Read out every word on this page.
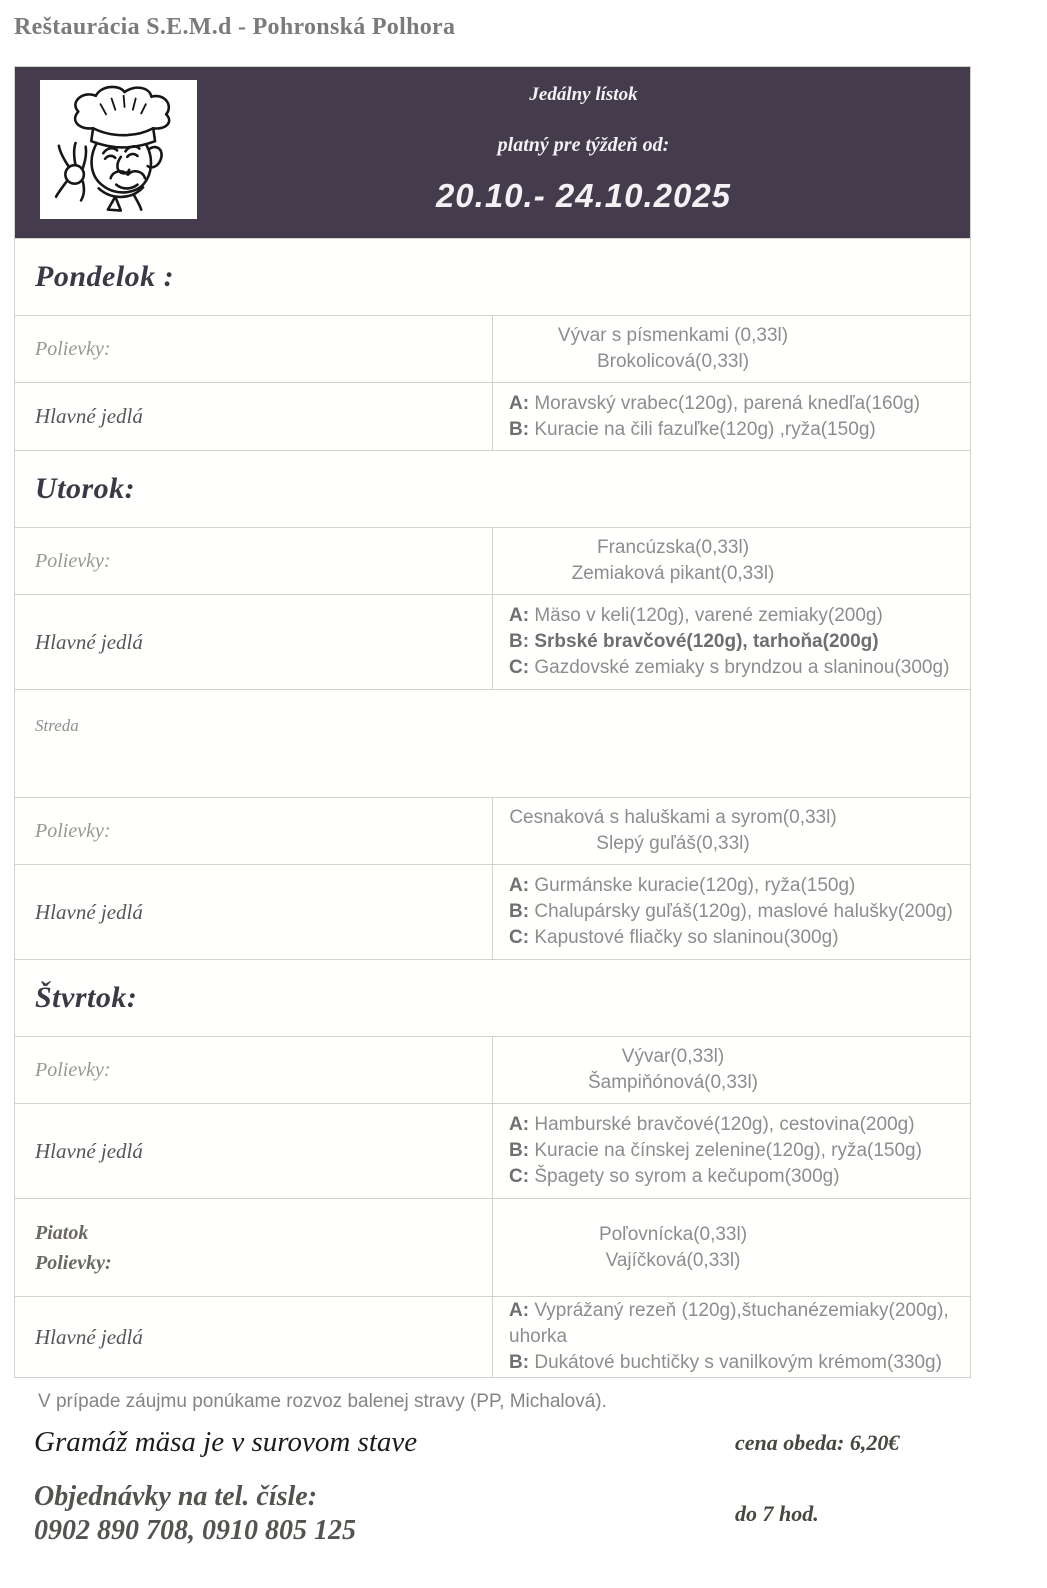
Reštaurácia S.E.M.d - Pohronská Polhora
Jedálny lístok
platný pre týždeň od:
20.10.- 24.10.2025
Pondelok :	
Polievky:	Vývar s písmenkami (0,33l)
Brokolicová(0,33l)

Hlavné jedlá	A: Moravský vrabec(120g), parená knedľa(160g)
B: Kuracie na čili fazuľke(120g) ,ryža(150g)

Utorok:	
Polievky:	Francúzska(0,33l)
Zemiaková pikant(0,33l)

Hlavné jedlá	A: Mäso v keli(120g), varené zemiaky(200g)
B: Srbské bravčové(120g), tarhoňa(200g)
C: Gazdovské zemiaky s bryndzou a slaninou(300g)

Streda	
Polievky:	Cesnaková s haluškami a syrom(0,33l)
Slepý guľáš(0,33l)

Hlavné jedlá	A: Gurmánske kuracie(120g), ryža(150g)
B: Chalupársky guľáš(120g), maslové halušky(200g)
C: Kapustové fliačky so slaninou(300g)

Štvrtok:	
Polievky:	Vývar(0,33l)
Šampiňónová(0,33l)

Hlavné jedlá	A: Hamburské bravčové(120g), cestovina(200g)
B: Kuracie na čínskej zelenine(120g), ryža(150g)
C: Špagety so syrom a kečupom(300g)

Piatok
Polievky:

Poľovnícka(0,33l)
Vajíčková(0,33l)

Hlavné jedlá	A: Vyprážaný rezeň (120g),štuchanézemiaky(200g), uhorka
B: Dukátové buchtičky s vanilkovým krémom(330g)
V prípade záujmu ponúkame rozvoz balenej stravy (PP, Michalová).
Gramáž mäsa je v surovom stave	cena obeda: 6,20€
Objednávky na tel. čísle:
0902 890 708, 0910 805 125
do 7 hod.
